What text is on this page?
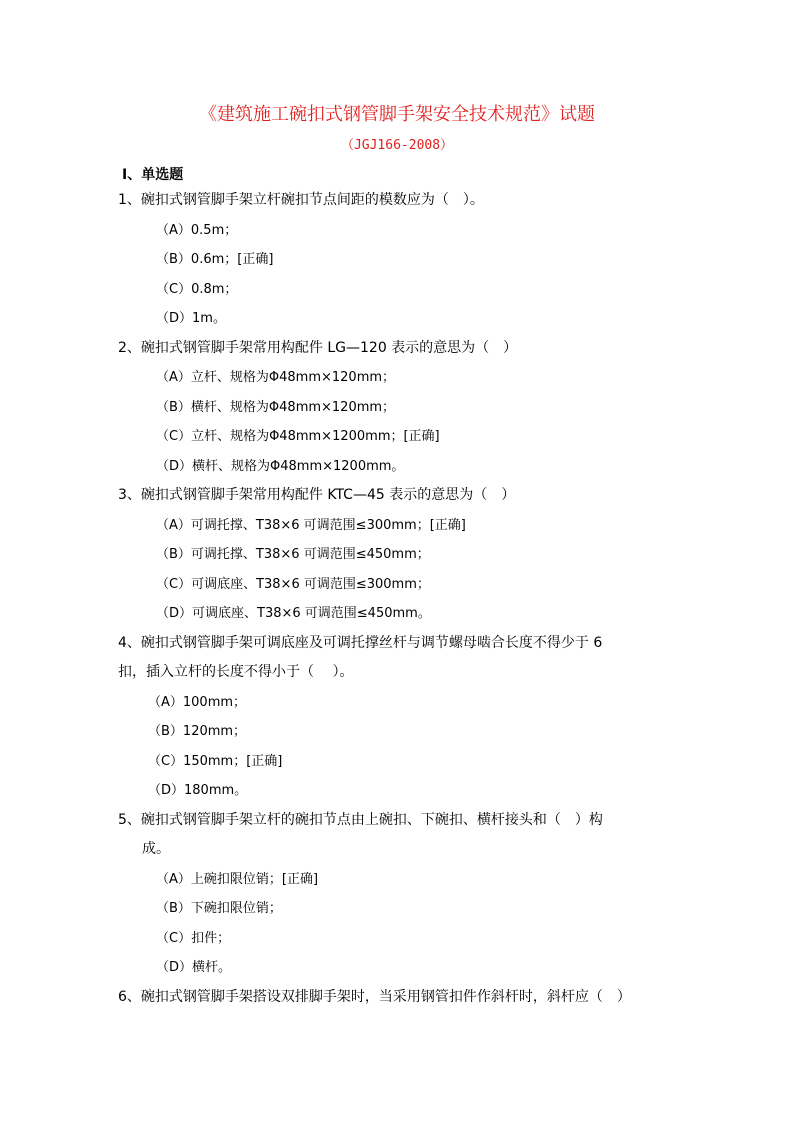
《建筑施工碗扣式钢管脚手架安全技术规范》试题
（JGJ166-2008）
Ⅰ、单选题
1、碗扣式钢管脚手架立杆碗扣节点间距的模数应为（　）。
（A）0.5m；
（B）0.6m；[正确]
（C）0.8m；
（D）1m。
2、碗扣式钢管脚手架常用构配件 LG—120 表示的意思为（　）
（A）立杆、规格为Φ48mm×120mm；
（B）横杆、规格为Φ48mm×120mm；
（C）立杆、规格为Φ48mm×1200mm；[正确]
（D）横杆、规格为Φ48mm×1200mm。
3、碗扣式钢管脚手架常用构配件 KTC—45 表示的意思为（　）
（A）可调托撑、T38×6 可调范围≤300mm；[正确]
（B）可调托撑、T38×6 可调范围≤450mm；
（C）可调底座、T38×6 可调范围≤300mm；
（D）可调底座、T38×6 可调范围≤450mm。
4、碗扣式钢管脚手架可调底座及可调托撑丝杆与调节螺母啮合长度不得少于 6
扣，插入立杆的长度不得小于（　 ）。
（A）100mm；
（B）120mm；
（C）150mm；[正确]
（D）180mm。
5、碗扣式钢管脚手架立杆的碗扣节点由上碗扣、下碗扣、横杆接头和（　）构
成。
（A）上碗扣限位销；[正确]
（B）下碗扣限位销；
（C）扣件；
（D）横杆。
6、碗扣式钢管脚手架搭设双排脚手架时，当采用钢管扣件作斜杆时，斜杆应（　）
